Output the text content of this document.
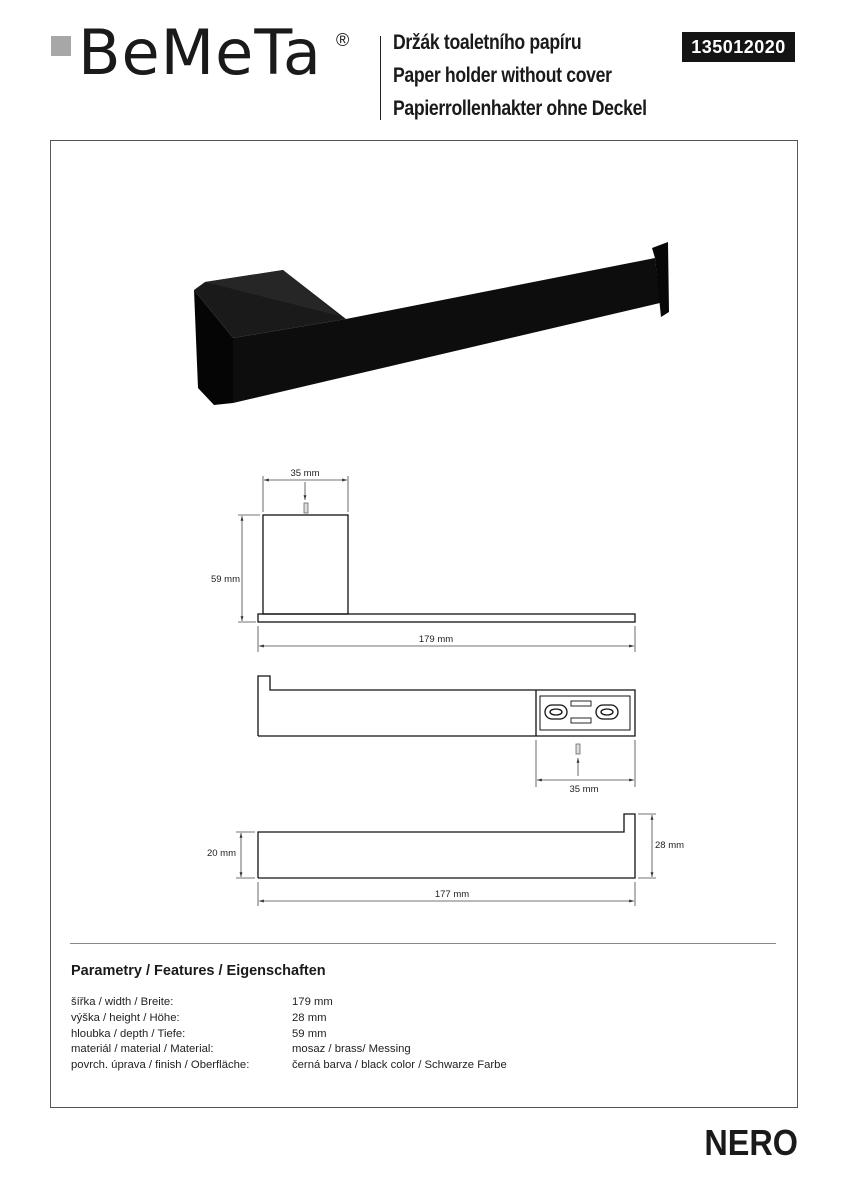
BeMeTa ® Držák toaletního papíru
Paper holder without cover
Papierrollenhakter ohne Deckel
135012020
35 mm
59 mm
179 mm
35 mm
20 mm
28 mm
177 mm
Parametry / Features / Eigenschaften
šířka / width / Breite:	179 mm
výška / height / Höhe:	28 mm
hloubka / depth / Tiefe:	59 mm
materiál / material / Material:	mosaz / brass/ Messing
povrch. úprava / finish / Oberfläche:	černá barva / black color / Schwarze Farbe
NERO
